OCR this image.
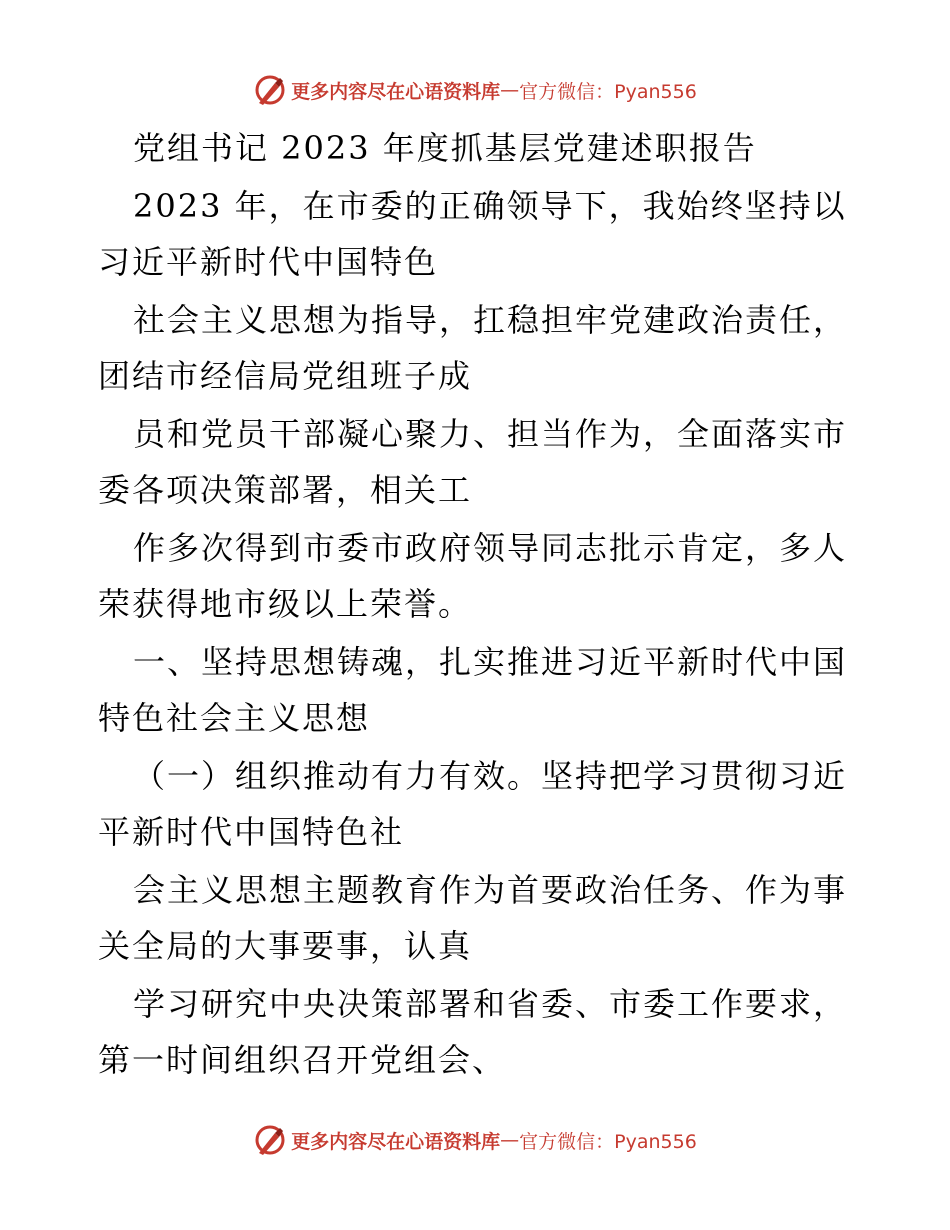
更多内容尽在心语资料库 — 官方微信：Pyan556
党组书记 2023 年度抓基层党建述职报告
2023 年，在市委的正确领导下，我始终坚持以
习近平新时代中国特色
社会主义思想为指导，扛稳担牢党建政治责任，
团结市经信局党组班子成
员和党员干部凝心聚力、担当作为，全面落实市
委各项决策部署，相关工
作多次得到市委市政府领导同志批示肯定，多人
荣获得地市级以上荣誉。
一、坚持思想铸魂，扎实推进习近平新时代中国
特色社会主义思想
（一）组织推动有力有效。坚持把学习贯彻习近
平新时代中国特色社
会主义思想主题教育作为首要政治任务、作为事
关全局的大事要事，认真
学习研究中央决策部署和省委、市委工作要求，
第一时间组织召开党组会、
更多内容尽在心语资料库 — 官方微信：Pyan556
